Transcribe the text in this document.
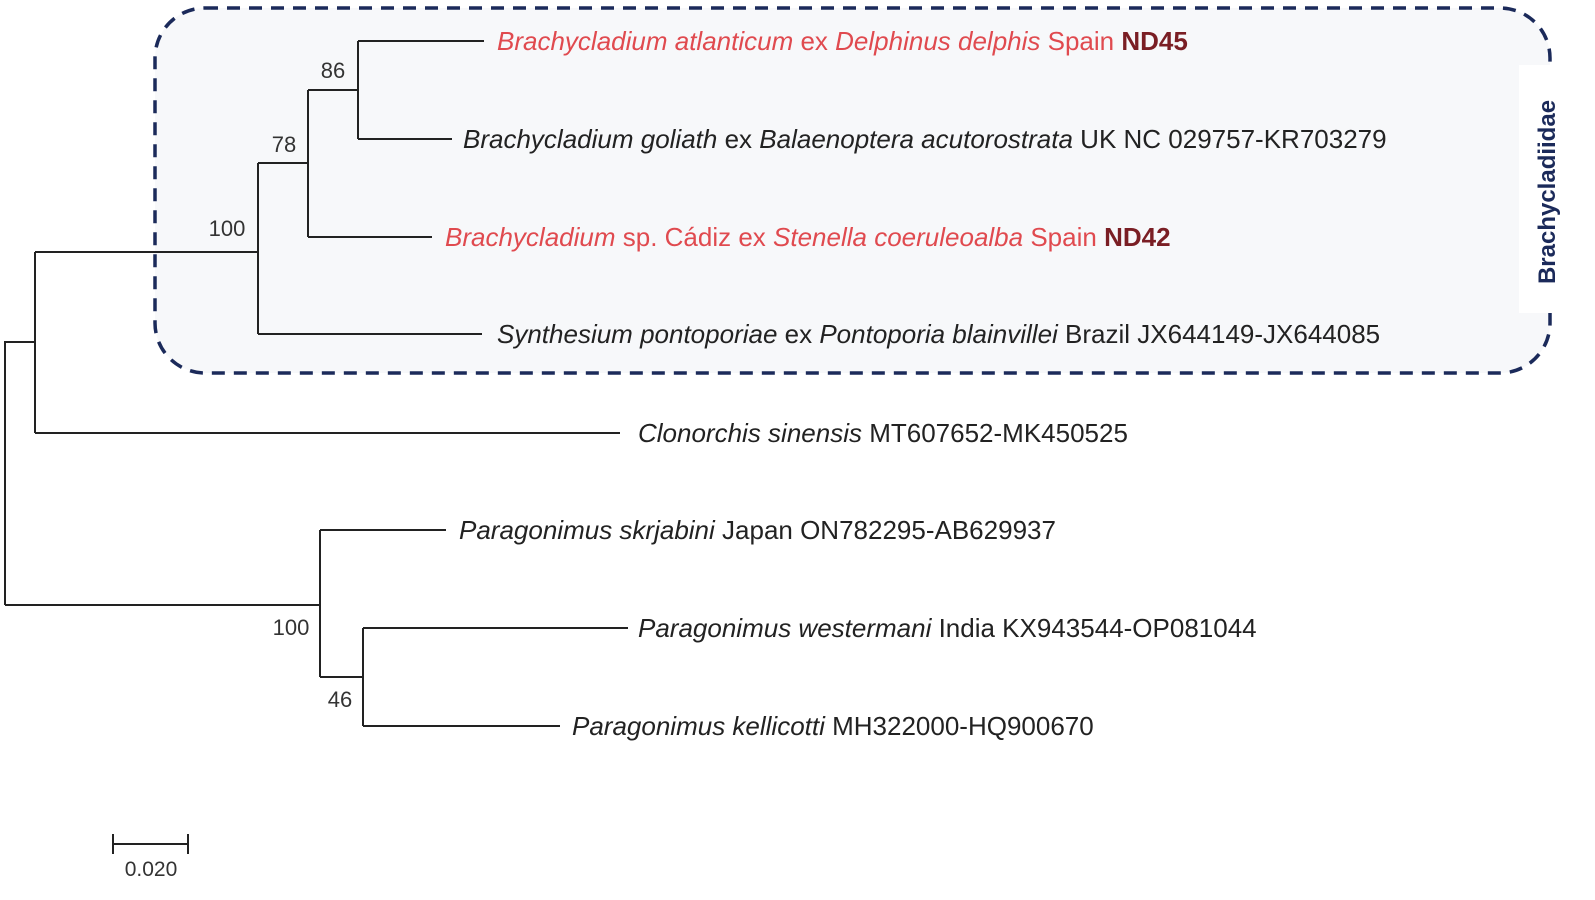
Brachycladiidae
86
78
100
100
46
Brachycladium atlanticum ex Delphinus delphis Spain ND45
Brachycladium goliath ex Balaenoptera acutorostrata UK NC 029757-KR703279
Brachycladium sp. Cádiz ex Stenella coeruleoalba Spain ND42
Synthesium pontoporiae ex Pontoporia blainvillei Brazil JX644149-JX644085
Clonorchis sinensis MT607652-MK450525
Paragonimus skrjabini Japan ON782295-AB629937
Paragonimus westermani India KX943544-OP081044
Paragonimus kellicotti MH322000-HQ900670
0.020
